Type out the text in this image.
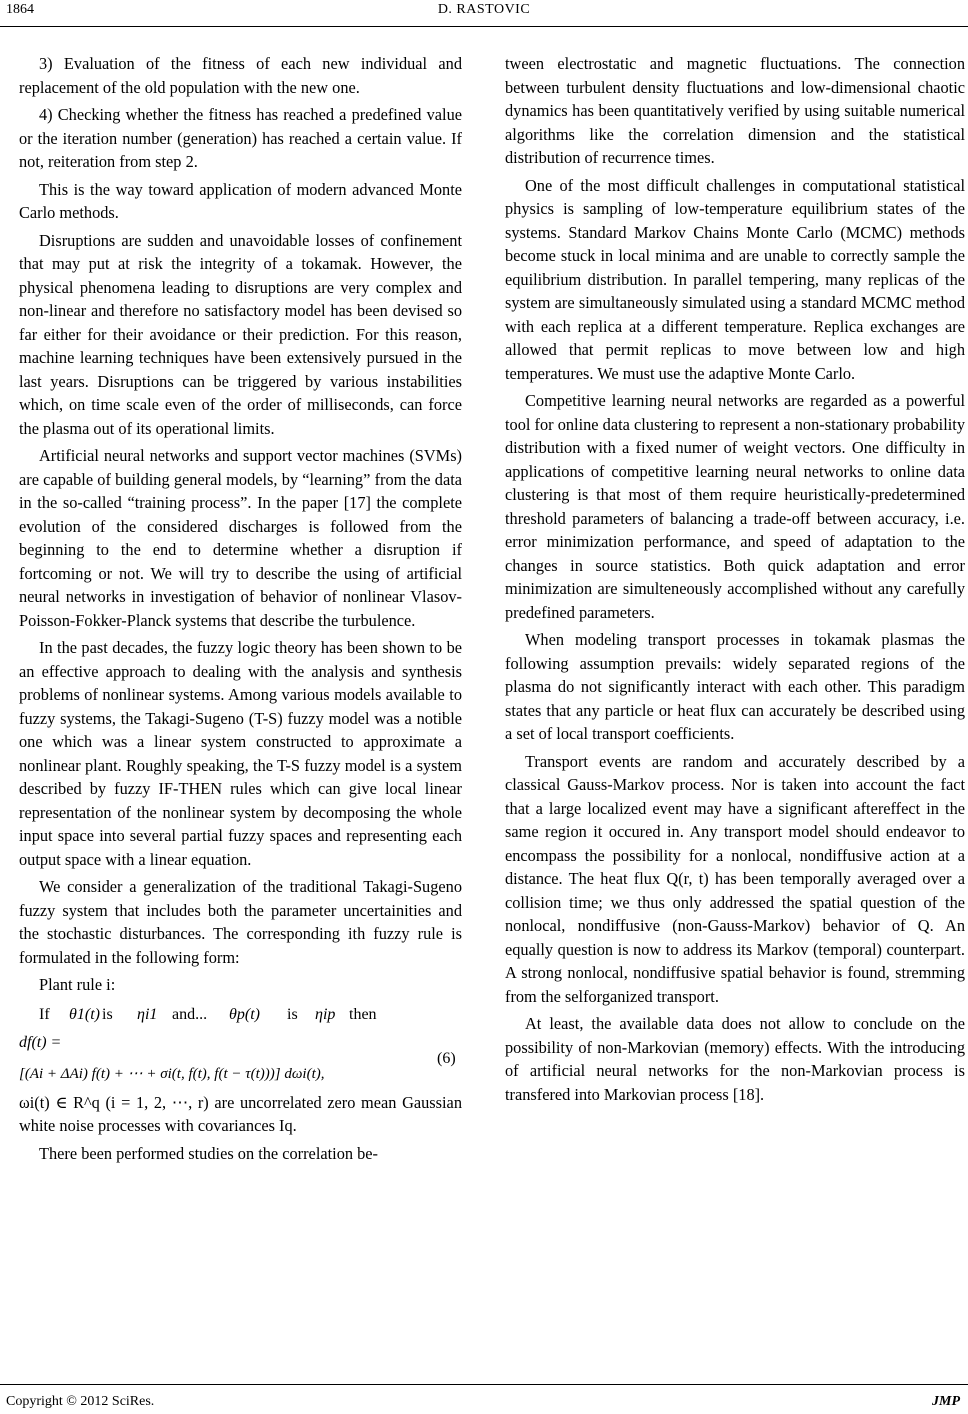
1864	D. RASTOVIC

3) Evaluation of the fitness of each new individual and replacement of the old population with the new one.

4) Checking whether the fitness has reached a predefined value or the iteration number (generation) has reached a certain value. If not, reiteration from step 2.

This is the way toward application of modern advanced Monte Carlo methods.

Disruptions are sudden and unavoidable losses of confinement that may put at risk the integrity of a tokamak. However, the physical phenomena leading to disruptions are very complex and non-linear and therefore no satisfactory model has been devised so far either for their avoidance or their prediction. For this reason, machine learning techniques have been extensively pursued in the last years. Disruptions can be triggered by various instabilities which, on time scale even of the order of milliseconds, can force the plasma out of its operational limits.

Artificial neural networks and support vector machines (SVMs) are capable of building general models, by “learning” from the data in the so-called “training process”. In the paper [17] the complete evolution of the considered discharges is followed from the beginning to the end to determine whether a disruption if fortcoming or not. We will try to describe the using of artificial neural networks in investigation of behavior of nonlinear Vlasov-Poisson-Fokker-Planck systems that describe the turbulence.

In the past decades, the fuzzy logic theory has been shown to be an effective approach to dealing with the analysis and synthesis problems of nonlinear systems. Among various models available to fuzzy systems, the Takagi-Sugeno (T-S) fuzzy model was a notible one which was a linear system constructed to approximate a nonlinear plant. Roughly speaking, the T-S fuzzy model is a system described by fuzzy IF-THEN rules which can give local linear representation of the nonlinear system by decomposing the whole input space into several partial fuzzy spaces and representing each output space with a linear equation.

We consider a generalization of the traditional Takagi-Sugeno fuzzy system that includes both the parameter uncertainities and the stochastic disturbances. The corresponding ith fuzzy rule is formulated in the following form:

Plant rule i:

If θ1(t) is ηi1 and... θp(t) is ηip then
df(t) =
[(Ai + ΔAi) f(t) + ⋯ + σi(t, f(t), f(t − τ(t)))] dωi(t),
(6)

ωi(t) ∈ R^q (i = 1, 2, ⋯, r) are uncorrelated zero mean Gaussian white noise processes with covariances Iq.

There been performed studies on the correlation be-

tween electrostatic and magnetic fluctuations. The connection between turbulent density fluctuations and low-dimensional chaotic dynamics has been quantitatively verified by using suitable numerical algorithms like the correlation dimension and the statistical distribution of recurrence times.

One of the most difficult challenges in computational statistical physics is sampling of low-temperature equilibrium states of the systems. Standard Markov Chains Monte Carlo (MCMC) methods become stuck in local minima and are unable to correctly sample the equilibrium distribution. In parallel tempering, many replicas of the system are simultaneously simulated using a standard MCMC method with each replica at a different temperature. Replica exchanges are allowed that permit replicas to move between low and high temperatures. We must use the adaptive Monte Carlo.

Competitive learning neural networks are regarded as a powerful tool for online data clustering to represent a non-stationary probability distribution with a fixed numer of weight vectors. One difficulty in applications of competitive learning neural networks to online data clustering is that most of them require heuristically-predetermined threshold parameters of balancing a trade-off between accuracy, i.e. error minimization performance, and speed of adaptation to the changes in source statistics. Both quick adaptation and error minimization are simulteneously accomplished without any carefully predefined parameters.

When modeling transport processes in tokamak plasmas the following assumption prevails: widely separated regions of the plasma do not significantly interact with each other. This paradigm states that any particle or heat flux can accurately be described using a set of local transport coefficients.

Transport events are random and accurately described by a classical Gauss-Markov process. Nor is taken into account the fact that a large localized event may have a significant aftereffect in the same region it occured in. Any transport model should endeavor to encompass the possibility for a nonlocal, nondiffusive action at a distance. The heat flux Q(r, t) has been temporally averaged over a collision time; we thus only addressed the spatial question of the nonlocal, nondiffusive (non-Gauss-Markov) behavior of Q. An equally question is now to address its Markov (temporal) counterpart. A strong nonlocal, nondiffusive spatial behavior is found, stremming from the selforganized transport.

At least, the available data does not allow to conclude on the possibility of non-Markovian (memory) effects. With the introducing of artificial neural networks for the non-Markovian process is transfered into Markovian process [18].

Copyright © 2012 SciRes.	JMP
